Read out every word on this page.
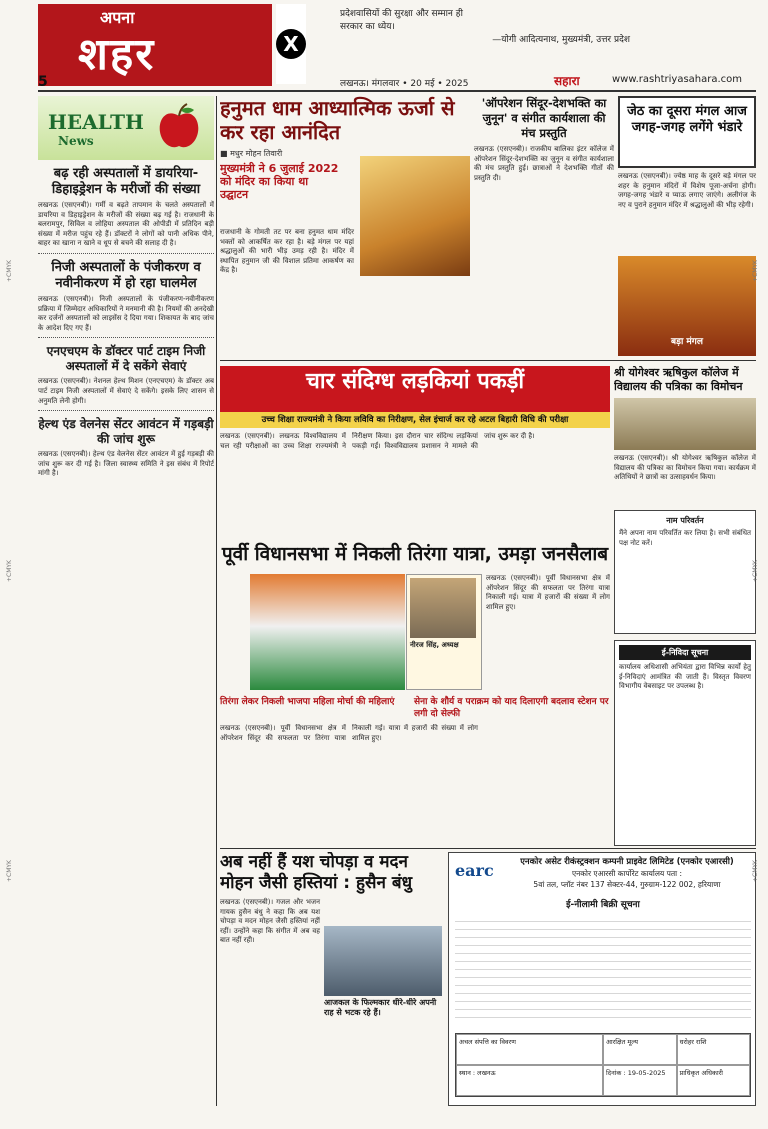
अपना
शहर
5
X
प्रदेशवासियों की सुरक्षा और सम्मान ही
सरकार का ध्येय।
—योगी आदित्यनाथ, मुख्यमंत्री, उत्तर प्रदेश
लखनऊ। मंगलवार • 20 मई • 2025	सहारा	www.rashtriyasahara.com
HEALTH
News
बढ़ रही अस्पतालों में डायरिया-डिहाइड्रेशन के मरीजों की संख्या
लखनऊ (एसएनबी)। गर्मी व बढ़ते तापमान के चलते अस्पतालों में डायरिया व डिहाइड्रेशन के मरीजों की संख्या बढ़ गई है। राजधानी के बलरामपुर, सिविल व लोहिया अस्पताल की ओपीडी में प्रतिदिन बड़ी संख्या में मरीज पहुंच रहे हैं। डॉक्टरों ने लोगों को पानी अधिक पीने, बाहर का खाना न खाने व धूप से बचने की सलाह दी है।
निजी अस्पतालों के पंजीकरण व नवीनीकरण में हो रहा घालमेल
लखनऊ (एसएनबी)। निजी अस्पतालों के पंजीकरण-नवीनीकरण प्रक्रिया में जिम्मेदार अधिकारियों ने मनमानी की है। नियमों की अनदेखी कर दर्जनों अस्पतालों को लाइसेंस दे दिया गया। शिकायत के बाद जांच के आदेश दिए गए हैं।
एनएचएम के डॉक्टर पार्ट टाइम निजी अस्पतालों में दे सकेंगे सेवाएं
लखनऊ (एसएनबी)। नेशनल हेल्थ मिशन (एनएचएम) के डॉक्टर अब पार्ट टाइम निजी अस्पतालों में सेवाएं दे सकेंगे। इसके लिए शासन से अनुमति लेनी होगी।
हेल्थ एंड वेलनेस सेंटर आवंटन में गड़बड़ी की जांच शुरू
लखनऊ (एसएनबी)। हेल्थ एंड वेलनेस सेंटर आवंटन में हुई गड़बड़ी की जांच शुरू कर दी गई है। जिला स्वास्थ्य समिति ने इस संबंध में रिपोर्ट मांगी है।
हनुमत धाम आध्यात्मिक ऊर्जा से कर रहा आनंदित
■ मधुर मोहन तिवारी
मुख्यमंत्री ने 6 जुलाई 2022 को मंदिर का किया था उद्घाटन
राजधानी के गोमती तट पर बना हनुमत धाम मंदिर भक्तों को आकर्षित कर रहा है। बड़े मंगल पर यहां श्रद्धालुओं की भारी भीड़ उमड़ रही है। मंदिर में स्थापित हनुमान जी की विशाल प्रतिमा आकर्षण का केंद्र है।
'ऑपरेशन सिंदूर-देशभक्ति का जुनून' व संगीत कार्यशाला की मंच प्रस्तुति
लखनऊ (एसएनबी)। राजकीय बालिका इंटर कॉलेज में ऑपरेशन सिंदूर-देशभक्ति का जुनून व संगीत कार्यशाला की मंच प्रस्तुति हुई। छात्राओं ने देशभक्ति गीतों की प्रस्तुति दी।
जेठ का दूसरा मंगल आज जगह-जगह लगेंगे भंडारे
लखनऊ (एसएनबी)। ज्येष्ठ माह के दूसरे बड़े मंगल पर शहर के हनुमान मंदिरों में विशेष पूजा-अर्चना होगी। जगह-जगह भंडारे व प्याऊ लगाए जाएंगे। अलीगंज के नए व पुराने हनुमान मंदिर में श्रद्धालुओं की भीड़ रहेगी।
बड़ा मंगल
चार संदिग्ध लड़कियां पकड़ीं
उच्च शिक्षा राज्यमंत्री ने किया लविवि का निरीक्षण, सेल इंचार्ज कर रहे अटल बिहारी विधि की परीक्षा
लखनऊ (एसएनबी)। लखनऊ विश्वविद्यालय में चल रही परीक्षाओं का उच्च शिक्षा राज्यमंत्री ने निरीक्षण किया। इस दौरान चार संदिग्ध लड़कियां पकड़ी गईं। विश्वविद्यालय प्रशासन ने मामले की जांच शुरू कर दी है।
श्री योगेश्वर ऋषिकुल कॉलेज में विद्यालय की पत्रिका का विमोचन
लखनऊ (एसएनबी)। श्री योगेश्वर ऋषिकुल कॉलेज में विद्यालय की पत्रिका का विमोचन किया गया। कार्यक्रम में अतिथियों ने छात्रों का उत्साहवर्धन किया।
नाम परिवर्तन
मैंने अपना नाम परिवर्तित कर लिया है। सभी संबंधित पक्ष नोट करें।
पूर्वी विधानसभा में निकली तिरंगा यात्रा, उमड़ा जनसैलाब
नीरज सिंह, अध्यक्ष
लखनऊ (एसएनबी)। पूर्वी विधानसभा क्षेत्र में ऑपरेशन सिंदूर की सफलता पर तिरंगा यात्रा निकाली गई। यात्रा में हजारों की संख्या में लोग शामिल हुए।
तिरंगा लेकर निकली भाजपा महिला मोर्चा की महिलाएं	सेना के शौर्य व पराक्रम को याद दिलाएगी बदलाव स्टेशन पर लगी दो सेल्फी
लखनऊ (एसएनबी)। पूर्वी विधानसभा क्षेत्र में ऑपरेशन सिंदूर की सफलता पर तिरंगा यात्रा निकाली गई। यात्रा में हजारों की संख्या में लोग शामिल हुए।
ई-निविदा सूचना
कार्यालय अधिशासी अभियंता द्वारा विभिन्न कार्यों हेतु ई-निविदाएं आमंत्रित की जाती हैं। विस्तृत विवरण विभागीय वेबसाइट पर उपलब्ध है।
अब नहीं हैं यश चोपड़ा व मदन मोहन जैसी हस्तियां : हुसैन बंधु
लखनऊ (एसएनबी)। गजल और भजन गायक हुसैन बंधु ने कहा कि अब यश चोपड़ा व मदन मोहन जैसी हस्तियां नहीं रहीं। उन्होंने कहा कि संगीत में अब वह बात नहीं रही।
आजकल के फिल्मकार धीरे-धीरे अपनी राह से भटक रहे हैं।
earc	एनकोर असेट रीकंस्ट्रक्शन कम्पनी प्राइवेट लिमिटेड (एनकोर एआरसी)
एनकोर एआरसी कार्पोरेट कार्यालय पता :
5वां तल, प्लॉट नंबर 137 सेक्टर-44, गुरुग्राम-122 002, हरियाणा
ई-नीलामी बिक्री सूचना
अचल संपत्ति का विवरण	आरक्षित मूल्य	धरोहर राशि
स्थान : लखनऊ	दिनांक : 19-05-2025	प्राधिकृत अधिकारी
+CMYK
+CMYK
+CMYK
+CMYK
+CMYK
+CMYK
